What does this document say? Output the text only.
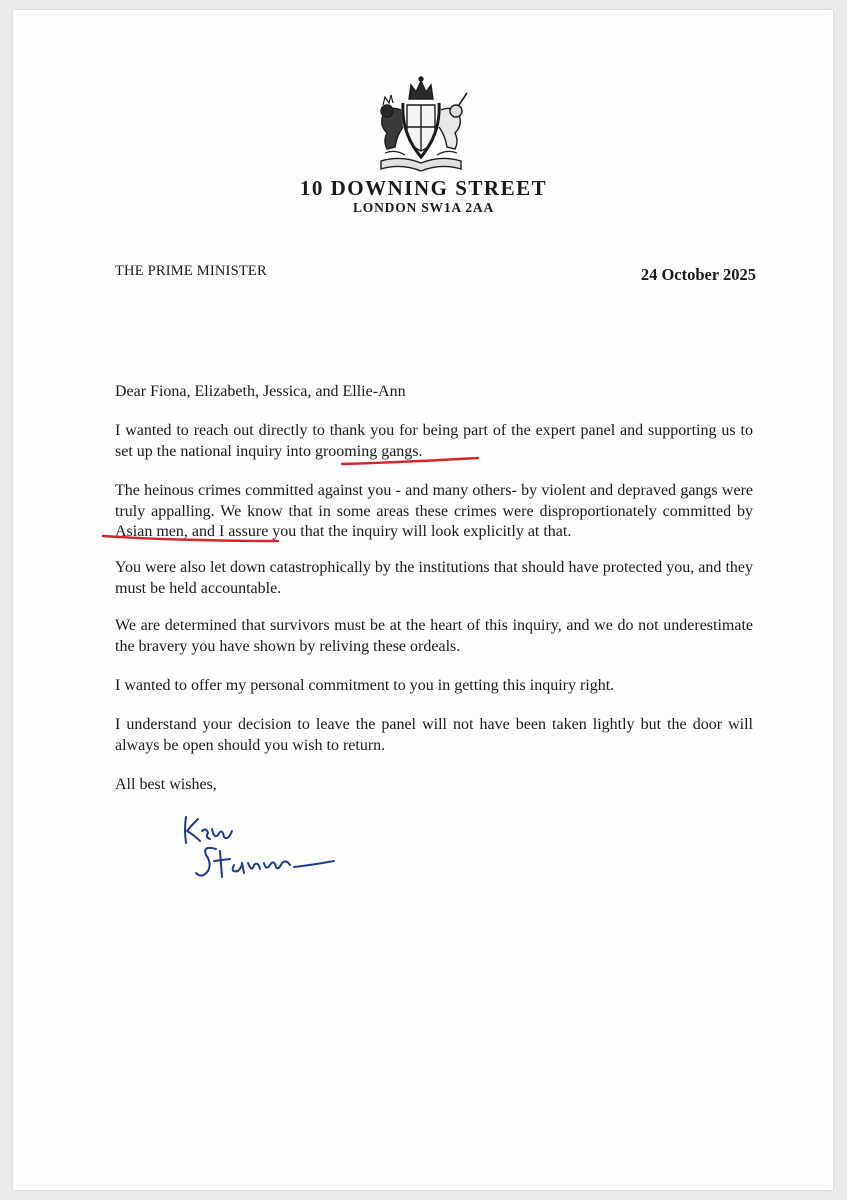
10 DOWNING STREET
LONDON SW1A 2AA
THE PRIME MINISTER	24 October 2025
Dear Fiona, Elizabeth, Jessica, and Ellie-Ann
I wanted to reach out directly to thank you for being part of the expert panel and supporting us to set up the national inquiry into grooming gangs.
The heinous crimes committed against you - and many others- by violent and depraved gangs were truly appalling. We know that in some areas these crimes were disproportionately committed by Asian men, and I assure you that the inquiry will look explicitly at that.
You were also let down catastrophically by the institutions that should have protected you, and they must be held accountable.
We are determined that survivors must be at the heart of this inquiry, and we do not underestimate the bravery you have shown by reliving these ordeals.
I wanted to offer my personal commitment to you in getting this inquiry right.
I understand your decision to leave the panel will not have been taken lightly but the door will always be open should you wish to return.
All best wishes,
